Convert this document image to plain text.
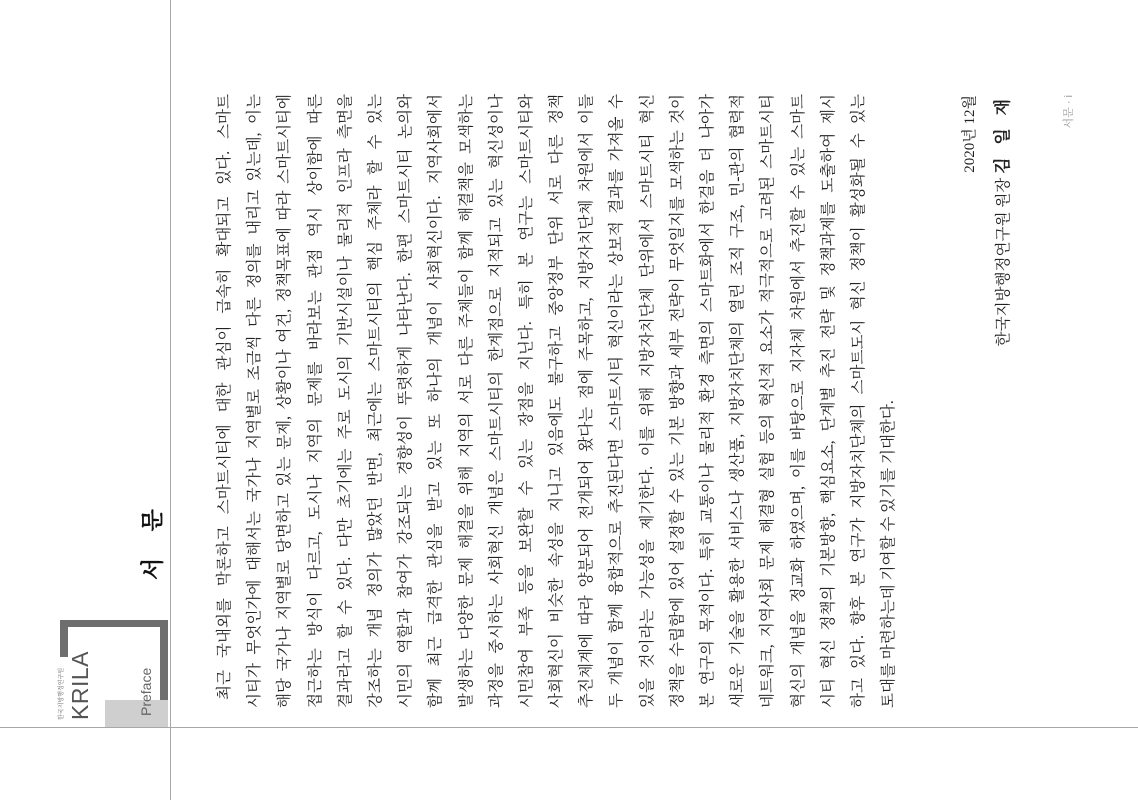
한국지방행정연구원 KRILA	Preface
서 문	최근 국내외를 막론하고 스마트시티에 대한 관심이 급속히 확대되고 있다. 스마트 시티가 무엇인가에 대해서는 국가나 지역별로 조금씩 다른 정의를 내리고 있는데, 이는 해당 국가나 지역별로 당면하고 있는 문제, 상황이나 여건, 정책목표에 따라 스마트시티에 접근하는 방식이 다르고, 도시나 지역의 문제를 바라보는 관점 역시 상이함에 따른 결과라고 할 수 있다. 다만 초기에는 주로 도시의 기반시설이나 물리적 인프라 측면을 강조하는 개념 정의가 많았던 반면, 최근에는 스마트시티의 핵심 주체라 할 수 있는 시민의 역할과 참여가 강조되는 경향성이 뚜렷하게 나타난다. 한편 스마트시티 논의와 함께 최근 급격한 관심을 받고 있는 또 하나의 개념이 사회혁신이다. 지역사회에서 발생하는 다양한 문제 해결을 위해 지역의 서로 다른 주체들이 함께 해결책을 모색하는 과정을 중시하는 사회혁신 개념은 스마트시티의 한계점으로 지적되고 있는 혁신성이나 시민참여 부족 등을 보완할 수 있는 장점을 지닌다. 특히 본 연구는 스마트시티와 사회혁신이 비슷한 속성을 지니고 있음에도 불구하고 중앙정부 단위 서로 다른 정책 추진체계에 따라 양분되어 전개되어 왔다는 점에 주목하고, 지방자치단체 차원에서 이들 두 개념이 함께 융합적으로 추진된다면 스마트시티 혁신이라는 상보적 결과를 가져올 수 있을 것이라는 가능성을 제기한다. 이를 위해 지방자치단체 단위에서 스마트시티 혁신 정책을 수립함에 있어 설정할 수 있는 기본 방향과 세부 전략이 무엇일지를 모색하는 것이 본 연구의 목적이다. 특히 교통이나 물리적 환경 측면의 스마트화에서 한걸음 더 나아가 새로운 기술을 활용한 서비스나 생산품, 지방자치단체의 열린 조직 구조, 민-관의 협력적 네트워크, 지역사회 문제 해결형 실험 등의 혁신적 요소가 적극적으로 고려된 스마트시티 혁신의 개념을 정교화 하였으며, 이를 바탕으로 지자체 차원에서 추진할 수 있는 스마트 시티 혁신 정책의 기본방향, 핵심요소, 단계별 추진 전략 및 정책과제를 도출하여 제시 하고 있다. 향후 본 연구가 지방자치단체의 스마트도시 혁신 정책이 활성화될 수 있는 토대를 마련하는데 기여할 수 있기를 기대한다.
2020년 12월
한국지방행정연구원 원장김 일 재	서문 · i
